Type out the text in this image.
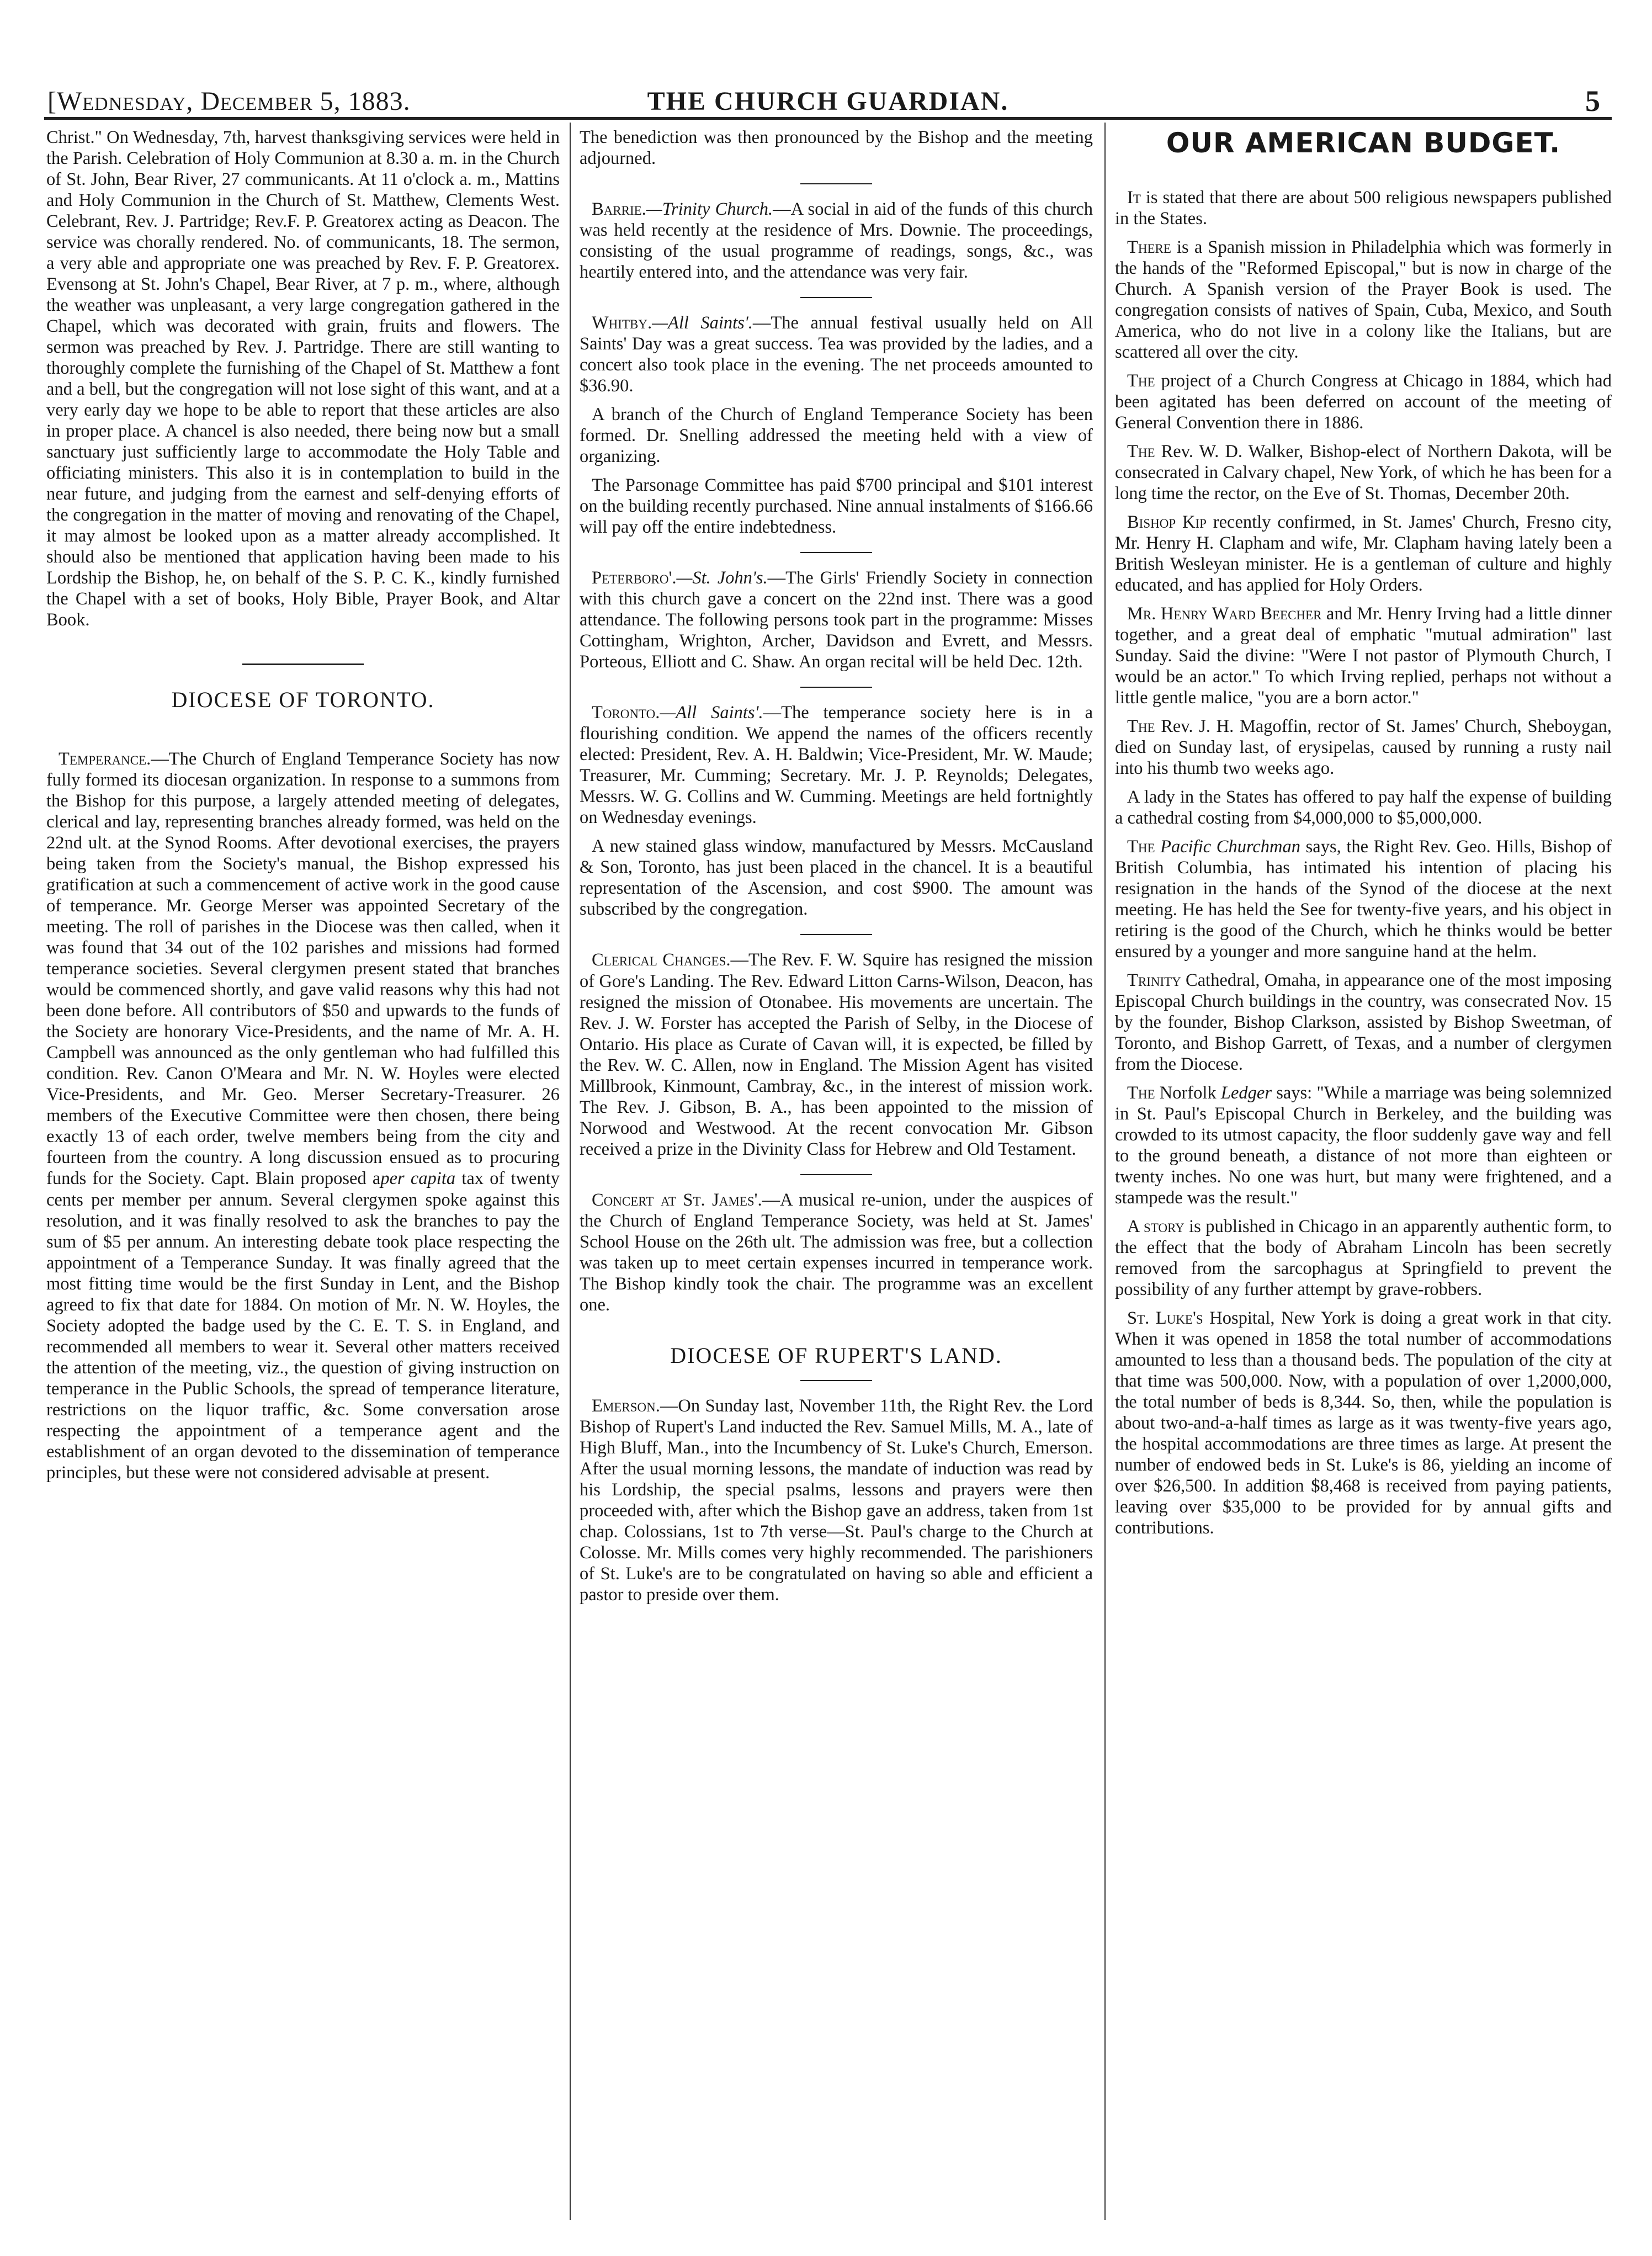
[Wednesday, December 5, 1883.	THE CHURCH GUARDIAN.	5

Christ." On Wednesday, 7th, harvest thanksgiving services were held in the Parish. Celebration of Holy Communion at 8.30 a. m. in the Church of St. John, Bear River, 27 communicants. At 11 o'clock a. m., Mattins and Holy Communion in the Church of St. Matthew, Clements West. Celebrant, Rev. J. Partridge; Rev.F. P. Greatorex acting as Deacon. The service was chorally rendered. No. of communicants, 18. The sermon, a very able and appropriate one was preached by Rev. F. P. Greatorex. Evensong at St. John's Chapel, Bear River, at 7 p. m., where, although the weather was unpleasant, a very large congregation gathered in the Chapel, which was decorated with grain, fruits and flowers. The sermon was preached by Rev. J. Partridge. There are still wanting to thoroughly complete the furnishing of the Chapel of St. Matthew a font and a bell, but the congregation will not lose sight of this want, and at a very early day we hope to be able to report that these articles are also in proper place. A chancel is also needed, there being now but a small sanctuary just sufficiently large to accommodate the Holy Table and officiating ministers. This also it is in contemplation to build in the near future, and judging from the earnest and self-denying efforts of the congregation in the matter of moving and renovating of the Chapel, it may almost be looked upon as a matter already accomplished. It should also be mentioned that application having been made to his Lordship the Bishop, he, on behalf of the S. P. C. K., kindly furnished the Chapel with a set of books, Holy Bible, Prayer Book, and Altar Book.

DIOCESE OF TORONTO.

Temperance.—The Church of England Temperance Society has now fully formed its diocesan organization. In response to a summons from the Bishop for this purpose, a largely attended meeting of delegates, clerical and lay, representing branches already formed, was held on the 22nd ult. at the Synod Rooms. After devotional exercises, the prayers being taken from the Society's manual, the Bishop expressed his gratification at such a commencement of active work in the good cause of temperance. Mr. George Merser was appointed Secretary of the meeting. The roll of parishes in the Diocese was then called, when it was found that 34 out of the 102 parishes and missions had formed temperance societies. Several clergymen present stated that branches would be commenced shortly, and gave valid reasons why this had not been done before. All contributors of $50 and upwards to the funds of the Society are honorary Vice-Presidents, and the name of Mr. A. H. Campbell was announced as the only gentleman who had fulfilled this condition. Rev. Canon O'Meara and Mr. N. W. Hoyles were elected Vice-Presidents, and Mr. Geo. Merser Secretary-Treasurer. 26 members of the Executive Committee were then chosen, there being exactly 13 of each order, twelve members being from the city and fourteen from the country. A long discussion ensued as to procuring funds for the Society. Capt. Blain proposed aper capita tax of twenty cents per member per annum. Several clergymen spoke against this resolution, and it was finally resolved to ask the branches to pay the sum of $5 per annum. An interesting debate took place respecting the appointment of a Temperance Sunday. It was finally agreed that the most fitting time would be the first Sunday in Lent, and the Bishop agreed to fix that date for 1884. On motion of Mr. N. W. Hoyles, the Society adopted the badge used by the C. E. T. S. in England, and recommended all members to wear it. Several other matters received the attention of the meeting, viz., the question of giving instruction on temperance in the Public Schools, the spread of temperance literature, restrictions on the liquor traffic, &c. Some conversation arose respecting the appointment of a temperance agent and the establishment of an organ devoted to the dissemination of temperance principles, but these were not considered advisable at present.

The benediction was then pronounced by the Bishop and the meeting adjourned.

Barrie.—Trinity Church.—A social in aid of the funds of this church was held recently at the residence of Mrs. Downie. The proceedings, consisting of the usual programme of readings, songs, &c., was heartily entered into, and the attendance was very fair.

Whitby.—All Saints'.—The annual festival usually held on All Saints' Day was a great success. Tea was provided by the ladies, and a concert also took place in the evening. The net proceeds amounted to $36.90.

A branch of the Church of England Temperance Society has been formed. Dr. Snelling addressed the meeting held with a view of organizing.

The Parsonage Committee has paid $700 principal and $101 interest on the building recently purchased. Nine annual instalments of $166.66 will pay off the entire indebtedness.

Peterboro'.—St. John's.—The Girls' Friendly Society in connection with this church gave a concert on the 22nd inst. There was a good attendance. The following persons took part in the programme: Misses Cottingham, Wrighton, Archer, Davidson and Evrett, and Messrs. Porteous, Elliott and C. Shaw. An organ recital will be held Dec. 12th.

Toronto.—All Saints'.—The temperance society here is in a flourishing condition. We append the names of the officers recently elected: President, Rev. A. H. Baldwin; Vice-President, Mr. W. Maude; Treasurer, Mr. Cumming; Secretary. Mr. J. P. Reynolds; Delegates, Messrs. W. G. Collins and W. Cumming. Meetings are held fortnightly on Wednesday evenings.

A new stained glass window, manufactured by Messrs. McCausland & Son, Toronto, has just been placed in the chancel. It is a beautiful representation of the Ascension, and cost $900. The amount was subscribed by the congregation.

Clerical Changes.—The Rev. F. W. Squire has resigned the mission of Gore's Landing. The Rev. Edward Litton Carns-Wilson, Deacon, has resigned the mission of Otonabee. His movements are uncertain. The Rev. J. W. Forster has accepted the Parish of Selby, in the Diocese of Ontario. His place as Curate of Cavan will, it is expected, be filled by the Rev. W. C. Allen, now in England. The Mission Agent has visited Millbrook, Kinmount, Cambray, &c., in the interest of mission work. The Rev. J. Gibson, B. A., has been appointed to the mission of Norwood and Westwood. At the recent convocation Mr. Gibson received a prize in the Divinity Class for Hebrew and Old Testament.

Concert at St. James'.—A musical re-union, under the auspices of the Church of England Temperance Society, was held at St. James' School House on the 26th ult. The admission was free, but a collection was taken up to meet certain expenses incurred in temperance work. The Bishop kindly took the chair. The programme was an excellent one.

DIOCESE OF RUPERT'S LAND.

Emerson.—On Sunday last, November 11th, the Right Rev. the Lord Bishop of Rupert's Land inducted the Rev. Samuel Mills, M. A., late of High Bluff, Man., into the Incumbency of St. Luke's Church, Emerson. After the usual morning lessons, the mandate of induction was read by his Lordship, the special psalms, lessons and prayers were then proceeded with, after which the Bishop gave an address, taken from 1st chap. Colossians, 1st to 7th verse—St. Paul's charge to the Church at Colosse. Mr. Mills comes very highly recommended. The parishioners of St. Luke's are to be congratulated on having so able and efficient a pastor to preside over them.

OUR AMERICAN BUDGET.

It is stated that there are about 500 religious newspapers published in the States.

There is a Spanish mission in Philadelphia which was formerly in the hands of the "Reformed Episcopal," but is now in charge of the Church. A Spanish version of the Prayer Book is used. The congregation consists of natives of Spain, Cuba, Mexico, and South America, who do not live in a colony like the Italians, but are scattered all over the city.

The project of a Church Congress at Chicago in 1884, which had been agitated has been deferred on account of the meeting of General Convention there in 1886.

The Rev. W. D. Walker, Bishop-elect of Northern Dakota, will be consecrated in Calvary chapel, New York, of which he has been for a long time the rector, on the Eve of St. Thomas, December 20th.

Bishop Kip recently confirmed, in St. James' Church, Fresno city, Mr. Henry H. Clapham and wife, Mr. Clapham having lately been a British Wesleyan minister. He is a gentleman of culture and highly educated, and has applied for Holy Orders.

Mr. Henry Ward Beecher and Mr. Henry Irving had a little dinner together, and a great deal of emphatic "mutual admiration" last Sunday. Said the divine: "Were I not pastor of Plymouth Church, I would be an actor." To which Irving replied, perhaps not without a little gentle malice, "you are a born actor."

The Rev. J. H. Magoffin, rector of St. James' Church, Sheboygan, died on Sunday last, of erysipelas, caused by running a rusty nail into his thumb two weeks ago.

A lady in the States has offered to pay half the expense of building a cathedral costing from $4,000,000 to $5,000,000.

The Pacific Churchman says, the Right Rev. Geo. Hills, Bishop of British Columbia, has intimated his intention of placing his resignation in the hands of the Synod of the diocese at the next meeting. He has held the See for twenty-five years, and his object in retiring is the good of the Church, which he thinks would be better ensured by a younger and more sanguine hand at the helm.

Trinity Cathedral, Omaha, in appearance one of the most imposing Episcopal Church buildings in the country, was consecrated Nov. 15 by the founder, Bishop Clarkson, assisted by Bishop Sweetman, of Toronto, and Bishop Garrett, of Texas, and a number of clergymen from the Diocese.

The Norfolk Ledger says: "While a marriage was being solemnized in St. Paul's Episcopal Church in Berkeley, and the building was crowded to its utmost capacity, the floor suddenly gave way and fell to the ground beneath, a distance of not more than eighteen or twenty inches. No one was hurt, but many were frightened, and a stampede was the result."

A story is published in Chicago in an apparently authentic form, to the effect that the body of Abraham Lincoln has been secretly removed from the sarcophagus at Springfield to prevent the possibility of any further attempt by grave-robbers.

St. Luke's Hospital, New York is doing a great work in that city. When it was opened in 1858 the total number of accommodations amounted to less than a thousand beds. The population of the city at that time was 500,000. Now, with a population of over 1,2000,000, the total number of beds is 8,344. So, then, while the population is about two-and-a-half times as large as it was twenty-five years ago, the hospital accommodations are three times as large. At present the number of endowed beds in St. Luke's is 86, yielding an income of over $26,500. In addition $8,468 is received from paying patients, leaving over $35,000 to be provided for by annual gifts and contributions.
